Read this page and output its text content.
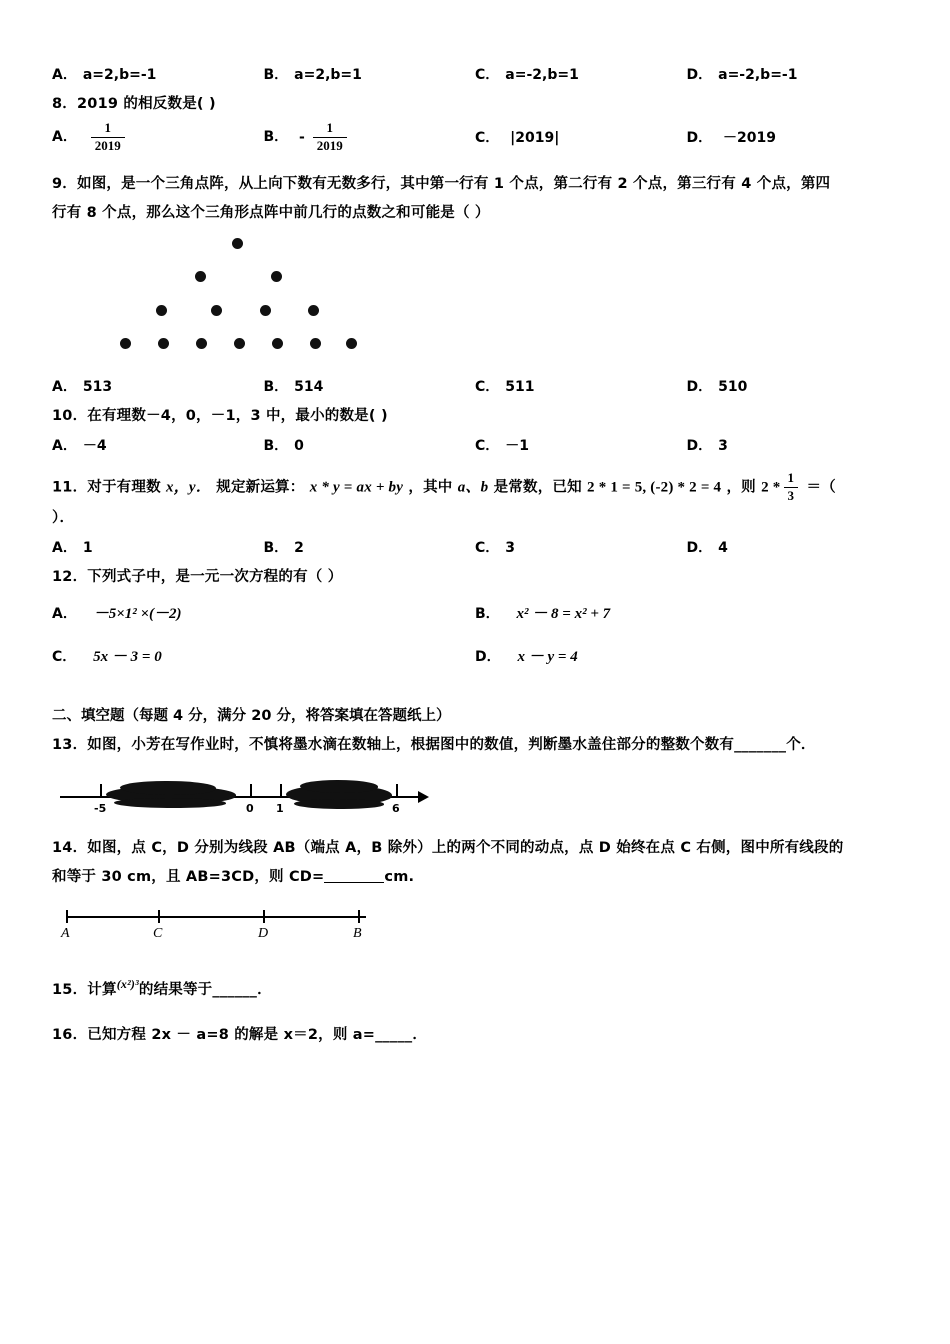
A． a=2,b=-1	B． a=2,b=1	C． a=-2,b=1	D． a=-2,b=-1
8．2019 的相反数是( )
A． $\frac{1}{2019}$	B． - $\frac{1}{2019}$	C． |2019|	D． －2019
9．如图，是一个三角点阵，从上向下数有无数多行，其中第一行有 1 个点，第二行有 2 个点，第三行有 4 个点，第四
行有 8 个点，那么这个三角形点阵中前几行的点数之和可能是（ ）
A． 513	B． 514	C． 511	D． 510
10．在有理数－4，0，－1，3 中，最小的数是( )
A． －4	B． 0	C． －1	D． 3
11．对于有理数 x，y． 规定新运算： x * y = ax + by ，其中 a、b 是常数，已知 2 * 1 = 5, (-2) * 2 = 4 ，则 $2 * \frac{1}{3}$ ＝（
）．
A． 1	B． 2	C． 3	D． 4
12．下列式子中，是一元一次方程的有（ ）
A． －5×1² ×(－2)	B． x² － 8 = x² + 7
C． 5x － 3 = 0	D． x － y = 4
二、填空题（每题 4 分，满分 20 分，将答案填在答题纸上）
13．如图，小芳在写作业时，不慎将墨水滴在数轴上，根据图中的数值，判断墨水盖住部分的整数个数有_______个．
-5	0 1	6
14．如图，点 C，D 分别为线段 AB（端点 A，B 除外）上的两个不同的动点，点 D 始终在点 C 右侧，图中所有线段的
和等于 30 cm，且 AB=3CD，则 CD=	cm.
A	C	D	B
15．计算$^{(x^2)^3}$的结果等于______．
16．已知方程 2x － a=8 的解是 x＝2，则 a=_____．
